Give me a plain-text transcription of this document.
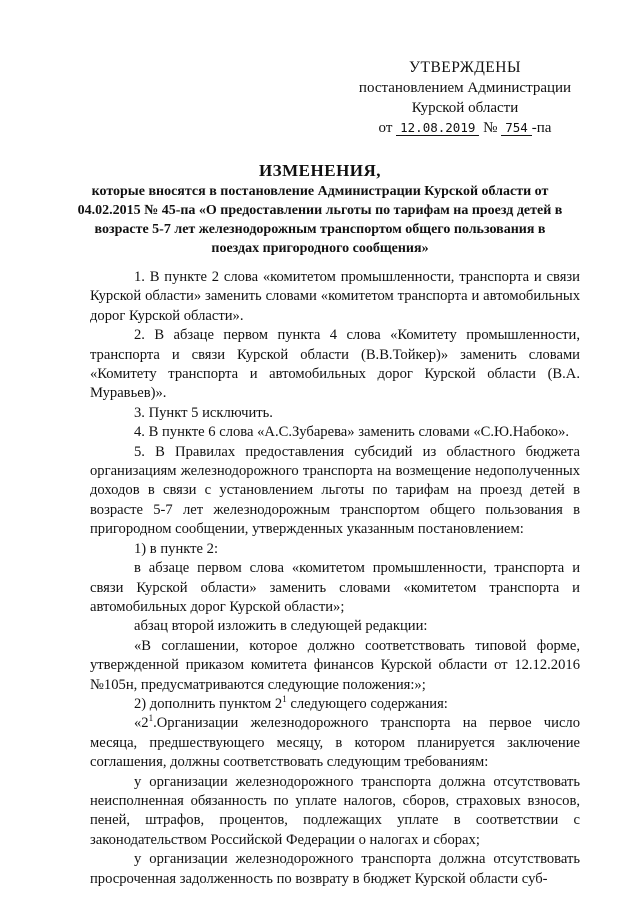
УТВЕРЖДЕНЫ
постановлением Администрации
Курской области
от 12.08.2019 № 754 -па
ИЗМЕНЕНИЯ,
которые вносятся в постановление Администрации Курской области от 04.02.2015 № 45-па «О предоставлении льготы по тарифам на проезд детей в возрасте 5-7 лет железнодорожным транспортом общего пользования в поездах пригородного сообщения»

1. В пункте 2 слова «комитетом промышленности, транспорта и связи Курской области» заменить словами «комитетом транспорта и автомобильных дорог Курской области».

2. В абзаце первом пункта 4 слова «Комитету промышленности, транспорта и связи Курской области (В.В.Тойкер)» заменить словами «Комитету транспорта и автомобильных дорог Курской области (В.А. Муравьев)».

3. Пункт 5 исключить.

4. В пункте 6 слова «А.С.Зубарева» заменить словами «С.Ю.Набоко».

5. В Правилах предоставления субсидий из областного бюджета организациям железнодорожного транспорта на возмещение недополученных доходов в связи с установлением льготы по тарифам на проезд детей в возрасте 5-7 лет железнодорожным транспортом общего пользования в пригородном сообщении, утвержденных указанным постановлением:

1) в пункте 2:

в абзаце первом слова «комитетом промышленности, транспорта и связи Курской области» заменить словами «комитетом транспорта и автомобильных дорог Курской области»;

абзац второй изложить в следующей редакции:

«В соглашении, которое должно соответствовать типовой форме, утвержденной приказом комитета финансов Курской области от 12.12.2016 №105н, предусматриваются следующие положения:»;

2) дополнить пунктом $2^1$ следующего содержания:

«$2^1.Организации$ железнодорожного транспорта на первое число месяца, предшествующего месяцу, в котором планируется заключение соглашения, должны соответствовать следующим требованиям:

у организации железнодорожного транспорта должна отсутствовать неисполненная обязанность по уплате налогов, сборов, страховых взносов, пеней, штрафов, процентов, подлежащих уплате в соответствии с законодательством Российской Федерации о налогах и сборах;

у организации железнодорожного транспорта должна отсутствовать просроченная задолженность по возврату в бюджет Курской области суб-
